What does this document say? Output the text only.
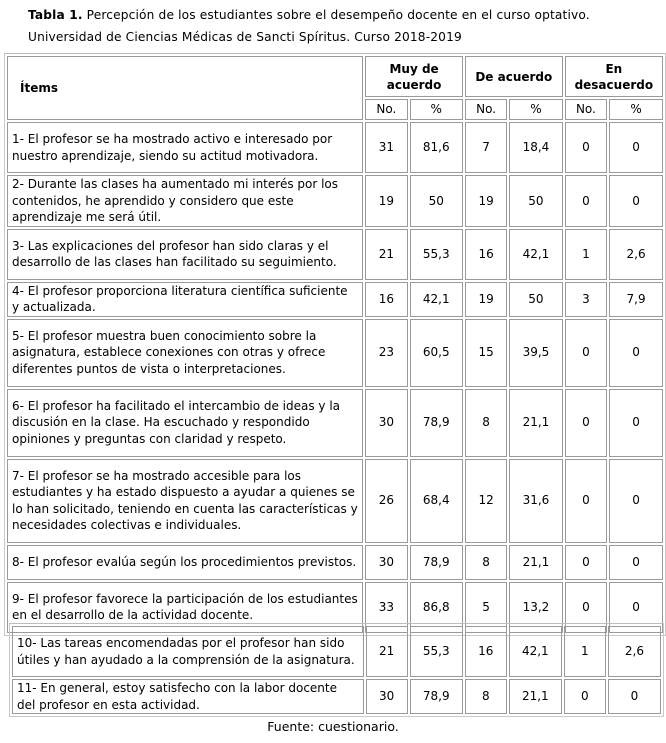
Tabla 1. Percepción de los estudiantes sobre el desempeño docente en el curso optativo.
Universidad de Ciencias Médicas de Sancti Spíritus. Curso 2018-2019
Ítems	Muy de acuerdo		De acuerdo		En desacuerdo	
	No.	%	No.	%	No.	%
1- El profesor se ha mostrado activo e interesado por nuestro aprendizaje, siendo su actitud motivadora.	31	81,6	7	18,4	0	0
2- Durante las clases ha aumentado mi interés por los contenidos, he aprendido y considero que este aprendizaje me será útil.	19	50	19	50	0	0
3- Las explicaciones del profesor han sido claras y el desarrollo de las clases han facilitado su seguimiento.	21	55,3	16	42,1	1	2,6
4- El profesor proporciona literatura científica suficiente y actualizada.	16	42,1	19	50	3	7,9
5- El profesor muestra buen conocimiento sobre la asignatura, establece conexiones con otras y ofrece diferentes puntos de vista o interpretaciones.	23	60,5	15	39,5	0	0
6- El profesor ha facilitado el intercambio de ideas y la discusión en la clase. Ha escuchado y respondido opiniones y preguntas con claridad y respeto.	30	78,9	8	21,1	0	0
7- El profesor se ha mostrado accesible para los estudiantes y ha estado dispuesto a ayudar a quienes se lo han solicitado, teniendo en cuenta las características y necesidades colectivas e individuales.	26	68,4	12	31,6	0	0
8- El profesor evalúa según los procedimientos previstos.	30	78,9	8	21,1	0	0
9- El profesor favorece la participación de los estudiantes en el desarrollo de la actividad docente.	33	86,8	5	13,2	0	0
10- Las tareas encomendadas por el profesor han sido útiles y han ayudado a la comprensión de la asignatura.	21	55,3	16	42,1	1	2,6
11- En general, estoy satisfecho con la labor docente del profesor en esta actividad.	30	78,9	8	21,1	0	0
Fuente: cuestionario.
